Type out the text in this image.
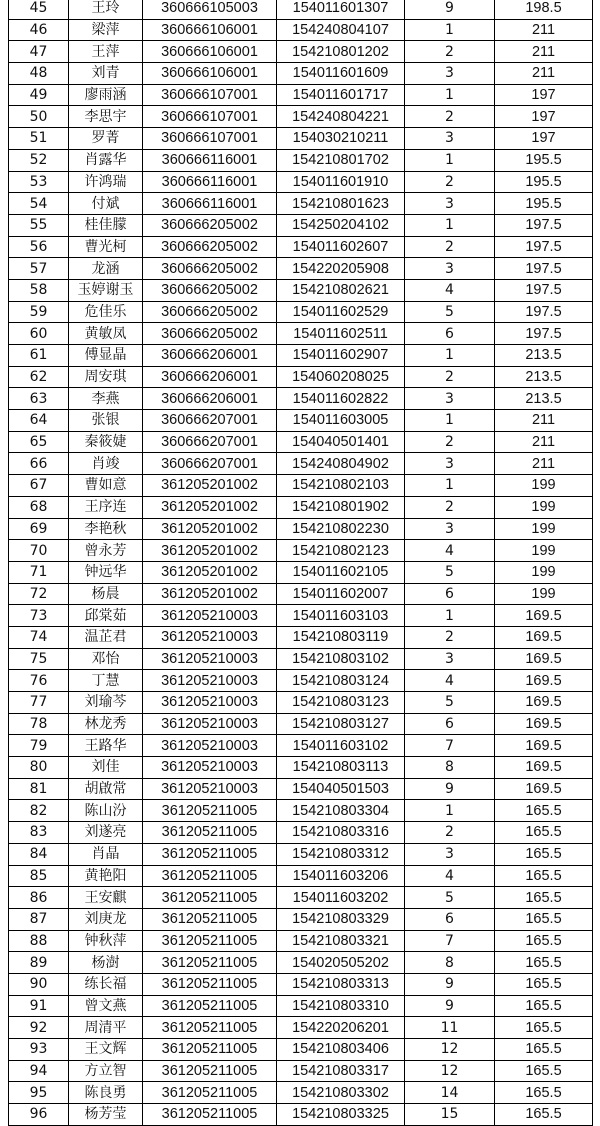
45	王玲	360666105003	154011601307	9	198.5
46	梁萍	360666106001	154240804107	1	211
47	王萍	360666106001	154210801202	2	211
48	刘青	360666106001	154011601609	3	211
49	廖雨涵	360666107001	154011601717	1	197
50	李思宇	360666107001	154240804221	2	197
51	罗菁	360666107001	154030210211	3	197
52	肖露华	360666116001	154210801702	1	195.5
53	许鸿瑞	360666116001	154011601910	2	195.5
54	付斌	360666116001	154210801623	3	195.5
55	桂佳朦	360666205002	154250204102	1	197.5
56	曹光柯	360666205002	154011602607	2	197.5
57	龙涵	360666205002	154220205908	3	197.5
58	玉婷谢玉	360666205002	154210802621	4	197.5
59	危佳乐	360666205002	154011602529	5	197.5
60	黄敏凤	360666205002	154011602511	6	197.5
61	傅显晶	360666206001	154011602907	1	213.5
62	周安琪	360666206001	154060208025	2	213.5
63	李燕	360666206001	154011602822	3	213.5
64	张银	360666207001	154011603005	1	211
65	秦筱婕	360666207001	154040501401	2	211
66	肖竣	360666207001	154240804902	3	211
67	曹如意	361205201002	154210802103	1	199
68	王序连	361205201002	154210801902	2	199
69	李艳秋	361205201002	154210802230	3	199
70	曾永芳	361205201002	154210802123	4	199
71	钟远华	361205201002	154011602105	5	199
72	杨晨	361205201002	154011602007	6	199
73	邱棠茹	361205210003	154011603103	1	169.5
74	温芷君	361205210003	154210803119	2	169.5
75	邓怡	361205210003	154210803102	3	169.5
76	丁慧	361205210003	154210803124	4	169.5
77	刘瑜芩	361205210003	154210803123	5	169.5
78	林龙秀	361205210003	154210803127	6	169.5
79	王路华	361205210003	154011603102	7	169.5
80	刘佳	361205210003	154210803113	8	169.5
81	胡啟常	361205210003	154040501503	9	169.5
82	陈山汾	361205211005	154210803304	1	165.5
83	刘遂亮	361205211005	154210803316	2	165.5
84	肖晶	361205211005	154210803312	3	165.5
85	黄艳阳	361205211005	154011603206	4	165.5
86	王安麒	361205211005	154011603202	5	165.5
87	刘庚龙	361205211005	154210803329	6	165.5
88	钟秋萍	361205211005	154210803321	7	165.5
89	杨澍	361205211005	154020505202	8	165.5
90	练长福	361205211005	154210803313	9	165.5
91	曾文燕	361205211005	154210803310	9	165.5
92	周清平	361205211005	154220206201	11	165.5
93	王文辉	361205211005	154210803406	12	165.5
94	方立智	361205211005	154210803317	12	165.5
95	陈良勇	361205211005	154210803302	14	165.5
96	杨芳莹	361205211005	154210803325	15	165.5
